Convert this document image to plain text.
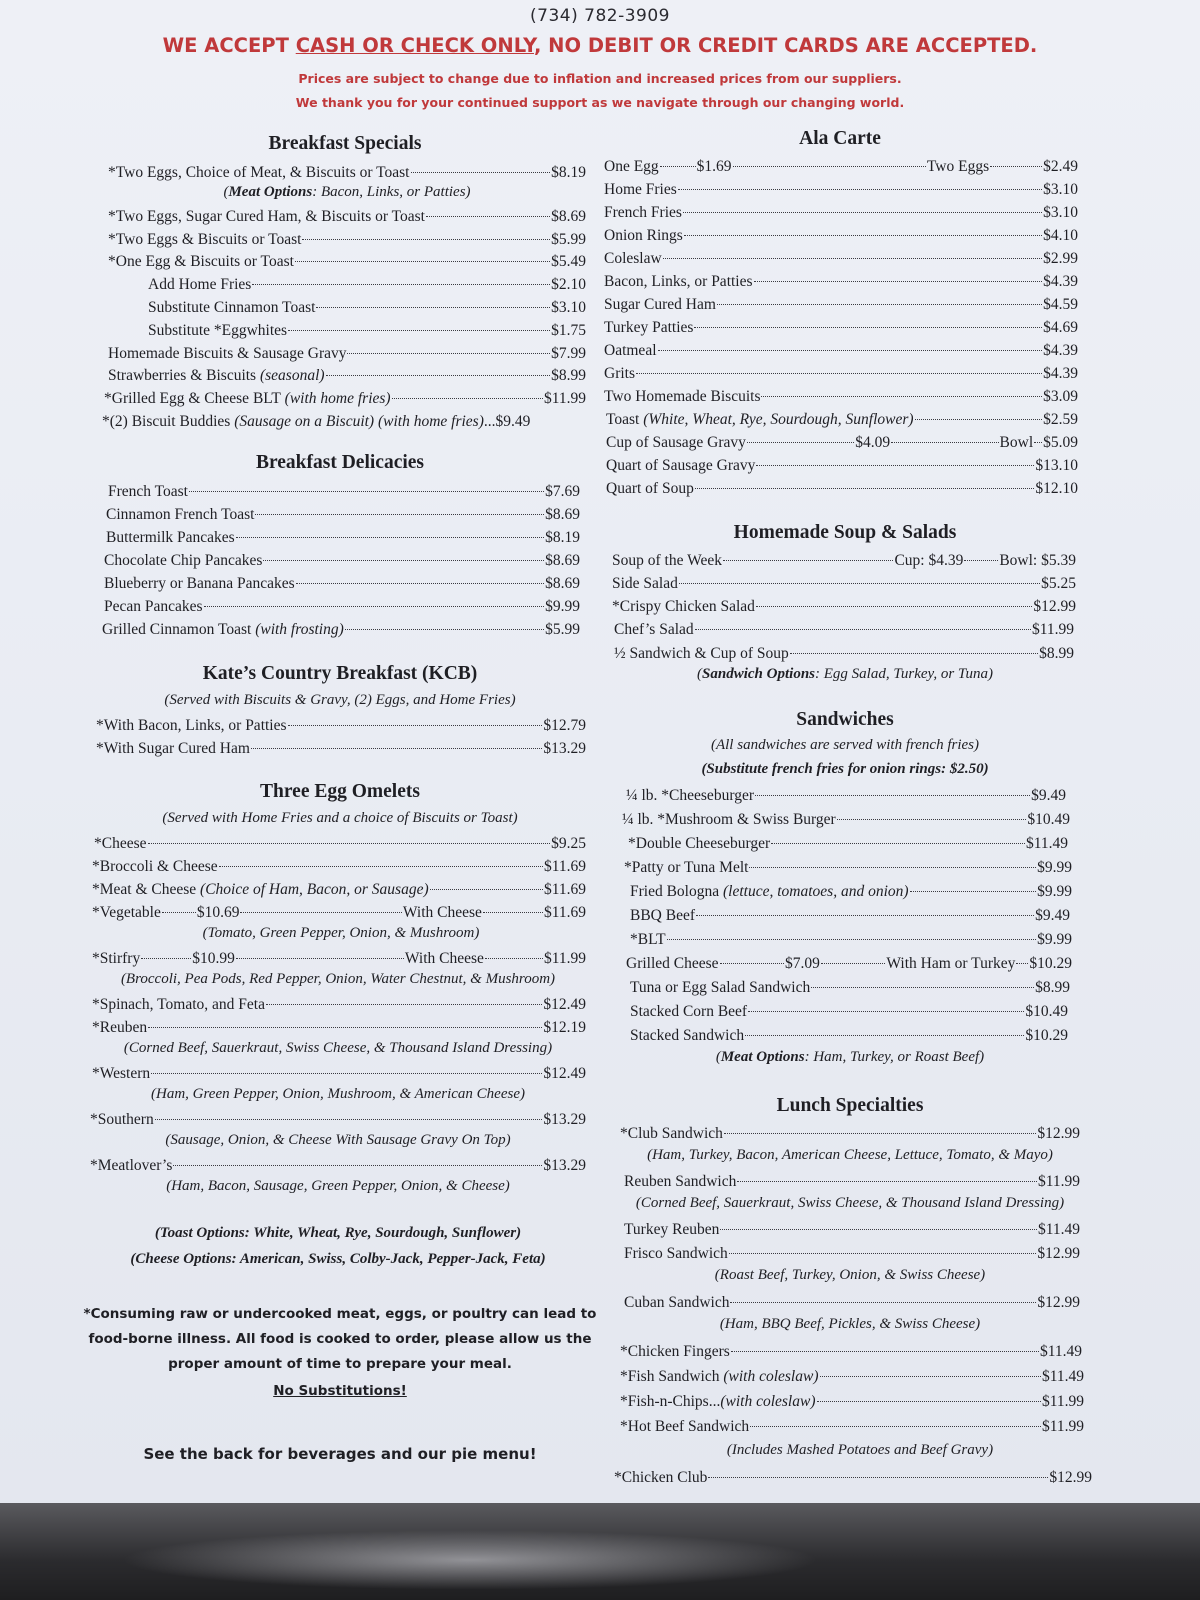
(734) 782-3909
WE ACCEPT CASH OR CHECK ONLY, NO DEBIT OR CREDIT CARDS ARE ACCEPTED.
Prices are subject to change due to inflation and increased prices from our suppliers.
We thank you for your continued support as we navigate through our changing world.
Breakfast Specials
*Two Eggs, Choice of Meat, & Biscuits or Toast	$8.19
(Meat Options: Bacon, Links, or Patties)
*Two Eggs, Sugar Cured Ham, & Biscuits or Toast	$8.69
*Two Eggs & Biscuits or Toast	$5.99
*One Egg & Biscuits or Toast	$5.49
Add Home Fries	$2.10
Substitute Cinnamon Toast	$3.10
Substitute *Eggwhites	$1.75
Homemade Biscuits & Sausage Gravy	$7.99
Strawberries & Biscuits
(seasonal)	$8.99
*Grilled Egg & Cheese BLT
(with home fries)	$11.99
*(2) Biscuit Buddies
(Sausage on a Biscuit) (with home fries) ...$9.49
Breakfast Delicacies
French Toast	$7.69
Cinnamon French Toast	$8.69
Buttermilk Pancakes	$8.19
Chocolate Chip Pancakes	$8.69
Blueberry or Banana Pancakes	$8.69
Pecan Pancakes	$9.99
Grilled Cinnamon Toast
(with frosting)	$5.99
Kate’s Country Breakfast (KCB)
(Served with Biscuits & Gravy, (2) Eggs, and Home Fries)
*With Bacon, Links, or Patties	$12.79
*With Sugar Cured Ham	$13.29
Three Egg Omelets
(Served with Home Fries and a choice of Biscuits or Toast)
*Cheese	$9.25
*Broccoli & Cheese	$11.69
*Meat & Cheese
(Choice of Ham, Bacon, or Sausage)	$11.69
*Vegetable $10.69	With Cheese	$11.69
(Tomato, Green Pepper, Onion, & Mushroom)
*Stirfry	$10.99	With Cheese	$11.99
(Broccoli, Pea Pods, Red Pepper, Onion, Water Chestnut, & Mushroom)
*Spinach, Tomato, and Feta	$12.49
*Reuben	$12.19
(Corned Beef, Sauerkraut, Swiss Cheese, & Thousand Island Dressing)
*Western	$12.49
(Ham, Green Pepper, Onion, Mushroom, & American Cheese)
*Southern	$13.29
(Sausage, Onion, & Cheese With Sausage Gravy On Top)
*Meatlover’s	$13.29
(Ham, Bacon, Sausage, Green Pepper, Onion, & Cheese)
(Toast Options: White, Wheat, Rye, Sourdough, Sunflower)
(Cheese Options: American, Swiss, Colby-Jack, Pepper-Jack, Feta)
*Consuming raw or undercooked meat, eggs, or poultry can lead to
food-borne illness. All food is cooked to order, please allow us the
proper amount of time to prepare your meal.
No Substitutions!
See the back for beverages and our pie menu!
Ala Carte
One Egg $1.69	Two Eggs	$2.49
Home Fries	$3.10
French Fries	$3.10
Onion Rings	$4.10
Coleslaw	$2.99
Bacon, Links, or Patties	$4.39
Sugar Cured Ham	$4.59
Turkey Patties	$4.69
Oatmeal	$4.39
Grits	$4.39
Two Homemade Biscuits	$3.09
Toast
(White, Wheat, Rye, Sourdough, Sunflower)	$2.59
Cup of Sausage Gravy	$4.09	Bowl $5.09
Quart of Sausage Gravy	$13.10
Quart of Soup	$12.10
Homemade Soup & Salads
Soup of the Week	Cup: $4.39 Bowl: $5.39
Side Salad	$5.25
*Crispy Chicken Salad	$12.99
Chef’s Salad	$11.99
½ Sandwich & Cup of Soup	$8.99
(Sandwich Options: Egg Salad, Turkey, or Tuna)
Sandwiches
(All sandwiches are served with french fries)
(Substitute french fries for onion rings: $2.50)
¼ lb. *Cheeseburger	$9.49
¼ lb. *Mushroom & Swiss Burger	$10.49
*Double Cheeseburger	$11.49
*Patty or Tuna Melt	$9.99
Fried Bologna
(lettuce, tomatoes, and onion)	$9.99
BBQ Beef	$9.49
*BLT	$9.99
Grilled Cheese	$7.09	With Ham or Turkey $10.29
Tuna or Egg Salad Sandwich	$8.99
Stacked Corn Beef	$10.49
Stacked Sandwich	$10.29
(Meat Options: Ham, Turkey, or Roast Beef)
Lunch Specialties
*Club Sandwich	$12.99
(Ham, Turkey, Bacon, American Cheese, Lettuce, Tomato, & Mayo)
Reuben Sandwich	$11.99
(Corned Beef, Sauerkraut, Swiss Cheese, & Thousand Island Dressing)
Turkey Reuben	$11.49
Frisco Sandwich	$12.99
(Roast Beef, Turkey, Onion, & Swiss Cheese)
Cuban Sandwich	$12.99
(Ham, BBQ Beef, Pickles, & Swiss Cheese)
*Chicken Fingers	$11.49
*Fish Sandwich
(with coleslaw)	$11.49
*Fish-n-Chips... (with coleslaw)	$11.99
*Hot Beef Sandwich	$11.99
(Includes Mashed Potatoes and Beef Gravy)
*Chicken Club	$12.99
